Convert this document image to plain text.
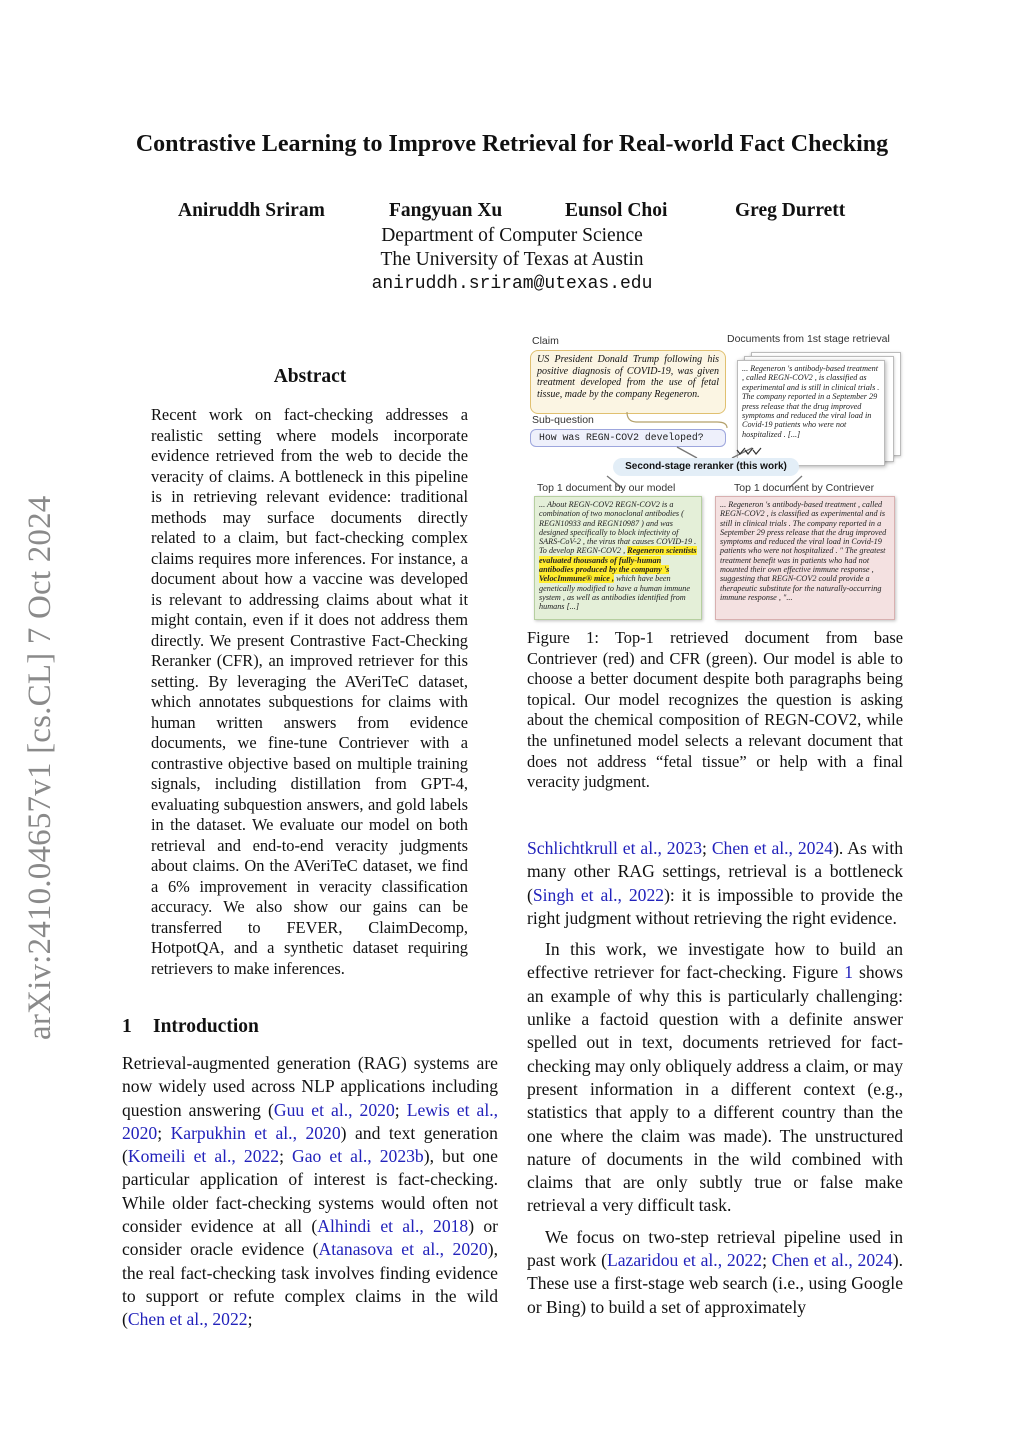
arXiv:2410.04657v1 [cs.CL] 7 Oct 2024
Contrastive Learning to Improve Retrieval for Real-world Fact Checking
Aniruddh Sriram	Fangyuan Xu	Eunsol Choi	Greg Durrett
Department of Computer Science
The University of Texas at Austin
aniruddh.sriram@utexas.edu
Abstract
Recent work on fact-checking addresses a realistic setting where models incorporate evidence retrieved from the web to decide the veracity of claims. A bottleneck in this pipeline is in retrieving relevant evidence: traditional methods may surface documents directly related to a claim, but fact-checking complex claims requires more inferences. For instance, a document about how a vaccine was developed is relevant to addressing claims about what it might contain, even if it does not address them directly. We present Contrastive Fact-Checking Reranker (CFR), an improved retriever for this setting. By leveraging the AVeriTeC dataset, which annotates subquestions for claims with human written answers from evidence documents, we fine-tune Contriever with a contrastive objective based on multiple training signals, including distillation from GPT-4, evaluating subquestion answers, and gold labels in the dataset. We evaluate our model on both retrieval and end-to-end veracity judgments about claims. On the AVeriTeC dataset, we find a 6% improvement in veracity classification accuracy. We also show our gains can be transferred to FEVER, ClaimDecomp, HotpotQA, and a synthetic dataset requiring retrievers to make inferences.
1 Introduction

Retrieval-augmented generation (RAG) systems are now widely used across NLP applications including question answering (Guu et al., 2020; Lewis et al., 2020; Karpukhin et al., 2020) and text generation (Komeili et al., 2022; Gao et al., 2023b), but one particular application of interest is fact-checking. While older fact-checking systems would often not consider evidence at all (Alhindi et al., 2018) or consider oracle evidence (Atanasova et al., 2020), the real fact-checking task involves finding evidence to support or refute complex claims in the wild (Chen et al., 2022;

Schlichtkrull et al., 2023; Chen et al., 2024). As with many other RAG settings, retrieval is a bottleneck (Singh et al., 2022): it is impossible to provide the right judgment without retrieving the right evidence.

In this work, we investigate how to build an effective retriever for fact-checking. Figure 1 shows an example of why this is particularly challenging: unlike a factoid question with a definite answer spelled out in text, documents retrieved for fact-checking may only obliquely address a claim, or may present information in a different context (e.g., statistics that apply to a different country than the one where the claim was made). The unstructured nature of documents in the wild combined with claims that are only subtly true or false make retrieval a very difficult task.

We focus on two-step retrieval pipeline used in past work (Lazaridou et al., 2022; Chen et al., 2024). These use a first-stage web search (i.e., using Google or Bing) to build a set of approximately

Claim
US President Donald Trump following his positive diagnosis of COVID-19, was given treatment developed from the use of fetal tissue, made by the company Regeneron.
Sub-question
How was REGN-COV2 developed?
Documents from 1st stage retrieval
... Regeneron 's antibody-based treatment , called REGN-COV2 , is classified as experimental and is still in clinical trials . The company reported in a September 29 press release that the drug improved symptoms and reduced the viral load in Covid-19 patients who were not hospitalized . [...]
Second-stage reranker (this work)
Top 1 document by our model	Top 1 document by Contriever
... About REGN-COV2 REGN-COV2 is a combination of two monoclonal antibodies ( REGN10933 and REGN10987 ) and was designed specifically to block infectivity of SARS-CoV-2 , the virus that causes COVID-19 . To develop REGN-COV2 , Regeneron scientists evaluated thousands of fully-human antibodies produced by the company 's VelocImmune® mice , which have been genetically modified to have a human immune system , as well as antibodies identified from humans [...]
... Regeneron 's antibody-based treatment , called REGN-COV2 , is classified as experimental and is still in clinical trials . The company reported in a September 29 press release that the drug improved symptoms and reduced the viral load in Covid-19 patients who were not hospitalized . " The greatest treatment benefit was in patients who had not mounted their own effective immune response , suggesting that REGN-COV2 could provide a therapeutic substitute for the naturally-occurring immune response , "...
Figure 1: Top-1 retrieved document from base Contriever (red) and CFR (green). Our model is able to choose a better document despite both paragraphs being topical. Our model recognizes the question is asking about the chemical composition of REGN-COV2, while the unfinetuned model selects a relevant document that does not address “fetal tissue” or help with a final veracity judgment.
